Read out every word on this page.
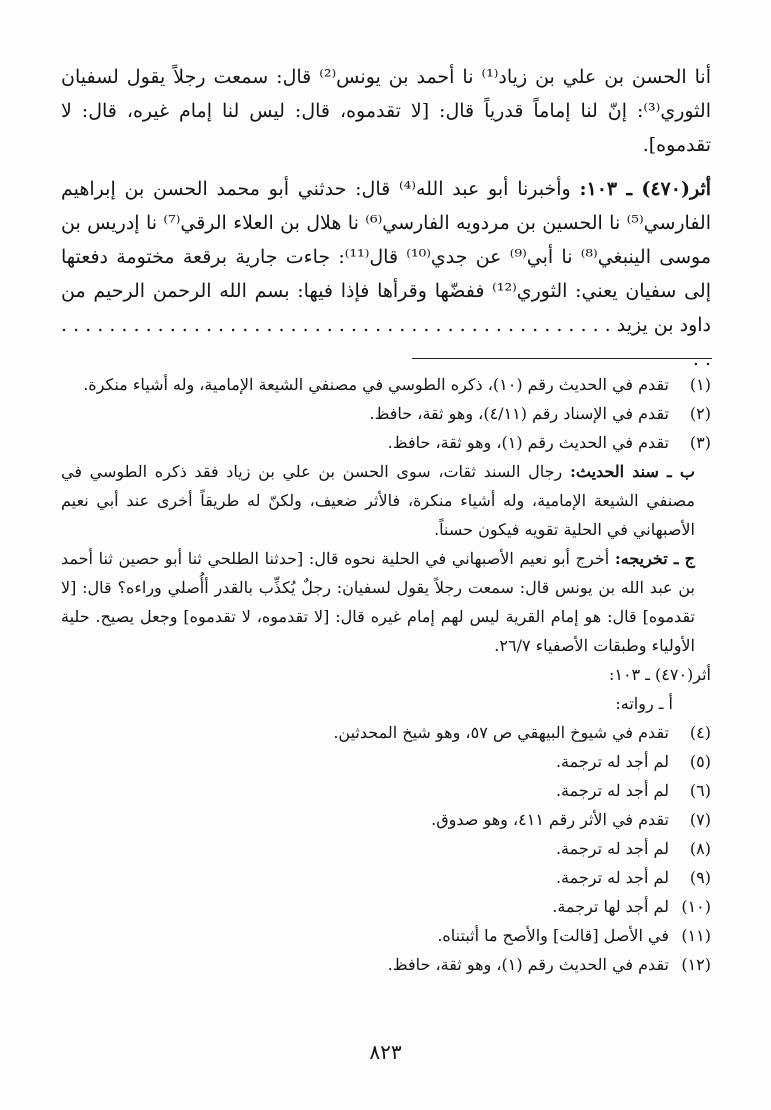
أنا الحسن بن علي بن زياد⁽¹⁾ نا أحمد بن يونس⁽²⁾ قال: سمعت رجلاً يقول لسفيان الثوري⁽³⁾: إنّ لنا إماماً قدرياً قال: [لا تقدموه، قال: ليس لنا إمام غيره، قال: لا تقدموه].

أثر(٤٧٠) ـ ١٠٣: وأخبرنا أبو عبد الله⁽⁴⁾ قال: حدثني أبو محمد الحسن بن إبراهيم الفارسي⁽⁵⁾ نا الحسين بن مردويه الفارسي⁽⁶⁾ نا هلال بن العلاء الرقي⁽⁷⁾ نا إدريس بن موسى الينبغي⁽⁸⁾ نا أبي⁽⁹⁾ عن جدي⁽¹⁰⁾ قال⁽¹¹⁾: جاءت جارية برقعة مختومة دفعتها إلى سفيان يعني: الثوري⁽¹²⁾ ففضّها وقرأها فإذا فيها: بسم الله الرحمن الرحيم من داود بن يزيد . . . . . . . . . . . . . . . . . . . . . . . . . . . . . . . . . . . . . . . . . . . . . . . .

(١)
تقدم في الحديث رقم (١٠)، ذكره الطوسي في مصنفي الشيعة الإمامية، وله أشياء منكرة.

(٢)
تقدم في الإسناد رقم (٤/١١)، وهو ثقة، حافظ.

(٣)
تقدم في الحديث رقم (١)، وهو ثقة، حافظ.

ب ـ سند الحديث: رجال السند ثقات، سوى الحسن بن علي بن زياد فقد ذكره الطوسي في مصنفي الشيعة الإمامية، وله أشياء منكرة، فالأثر ضعيف، ولكنّ له طريقاً أخرى عند أبي نعيم الأصبهاني في الحلية تقويه فيكون حسناً.

ج ـ تخريجه: أخرج أبو نعيم الأصبهاني في الحلية نحوه قال: [حدثنا الطلحي ثنا أبو حصين ثنا أحمد بن عبد الله بن يونس قال: سمعت رجلاً يقول لسفيان: رجلٌ يُكذِّب بالقدر أأُصلي وراءه؟ قال: [لا تقدموه] قال: هو إمام القرية ليس لهم إمام غيره قال: [لا تقدموه، لا تقدموه] وجعل يصيح. حلية الأولياء وطبقات الأصفياء ٢٦/٧.

أثر(٤٧٠) ـ ١٠٣:

أ ـ رواته:

(٤)
تقدم في شيوخ البيهقي ص ٥٧، وهو شيخ المحدثين.

(٥)
لم أجد له ترجمة.

(٦)
لم أجد له ترجمة.

(٧)
تقدم في الأثر رقم ٤١١، وهو صدوق.

(٨)
لم أجد له ترجمة.

(٩)
لم أجد له ترجمة.

(١٠)
لم أجد لها ترجمة.

(١١)
في الأصل [قالت] والأصح ما أثبتناه.

(١٢)
تقدم في الحديث رقم (١)، وهو ثقة، حافظ.

٨٢٣
